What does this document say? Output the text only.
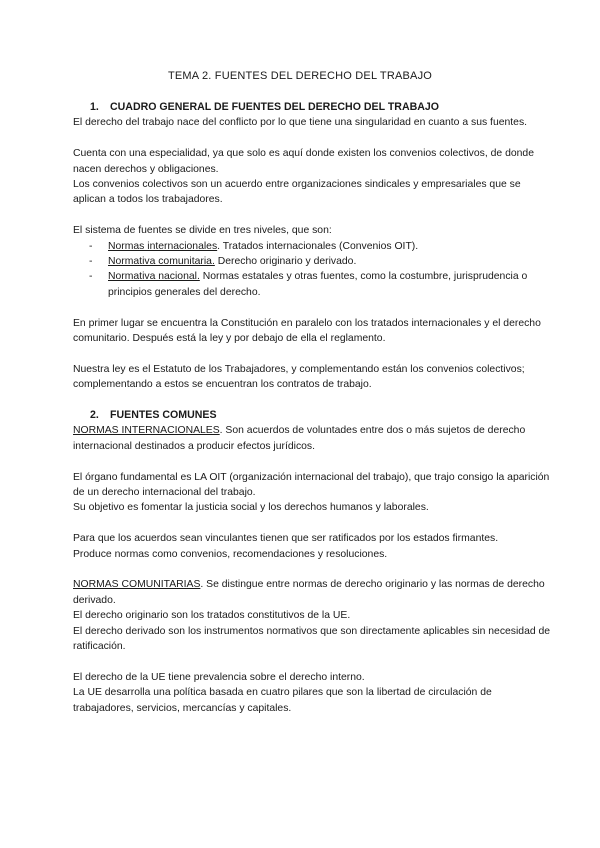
TEMA 2. FUENTES DEL DERECHO DEL TRABAJO

1. CUADRO GENERAL DE FUENTES DEL DERECHO DEL TRABAJO

El derecho del trabajo nace del conflicto por lo que tiene una singularidad en cuanto a sus fuentes.

Cuenta con una especialidad, ya que solo es aquí donde existen los convenios colectivos, de donde nacen derechos y obligaciones.

Los convenios colectivos son un acuerdo entre organizaciones sindicales y empresariales que se aplican a todos los trabajadores.

El sistema de fuentes se divide en tres niveles, que son:

- Normas internacionales. Tratados internacionales (Convenios OIT).
- Normativa comunitaria. Derecho originario y derivado.
- Normativa nacional. Normas estatales y otras fuentes, como la costumbre, jurisprudencia o principios generales del derecho.

En primer lugar se encuentra la Constitución en paralelo con los tratados internacionales y el derecho comunitario. Después está la ley y por debajo de ella el reglamento.

Nuestra ley es el Estatuto de los Trabajadores, y complementando están los convenios colectivos; complementando a estos se encuentran los contratos de trabajo.

2. FUENTES COMUNES

NORMAS INTERNACIONALES. Son acuerdos de voluntades entre dos o más sujetos de derecho internacional destinados a producir efectos jurídicos.

El órgano fundamental es LA OIT (organización internacional del trabajo), que trajo consigo la aparición de un derecho internacional del trabajo.

Su objetivo es fomentar la justicia social y los derechos humanos y laborales.

Para que los acuerdos sean vinculantes tienen que ser ratificados por los estados firmantes.

Produce normas como convenios, recomendaciones y resoluciones.

NORMAS COMUNITARIAS. Se distingue entre normas de derecho originario y las normas de derecho derivado.

El derecho originario son los tratados constitutivos de la UE.

El derecho derivado son los instrumentos normativos que son directamente aplicables sin necesidad de ratificación.

El derecho de la UE tiene prevalencia sobre el derecho interno.

La UE desarrolla una política basada en cuatro pilares que son la libertad de circulación de trabajadores, servicios, mercancías y capitales.
